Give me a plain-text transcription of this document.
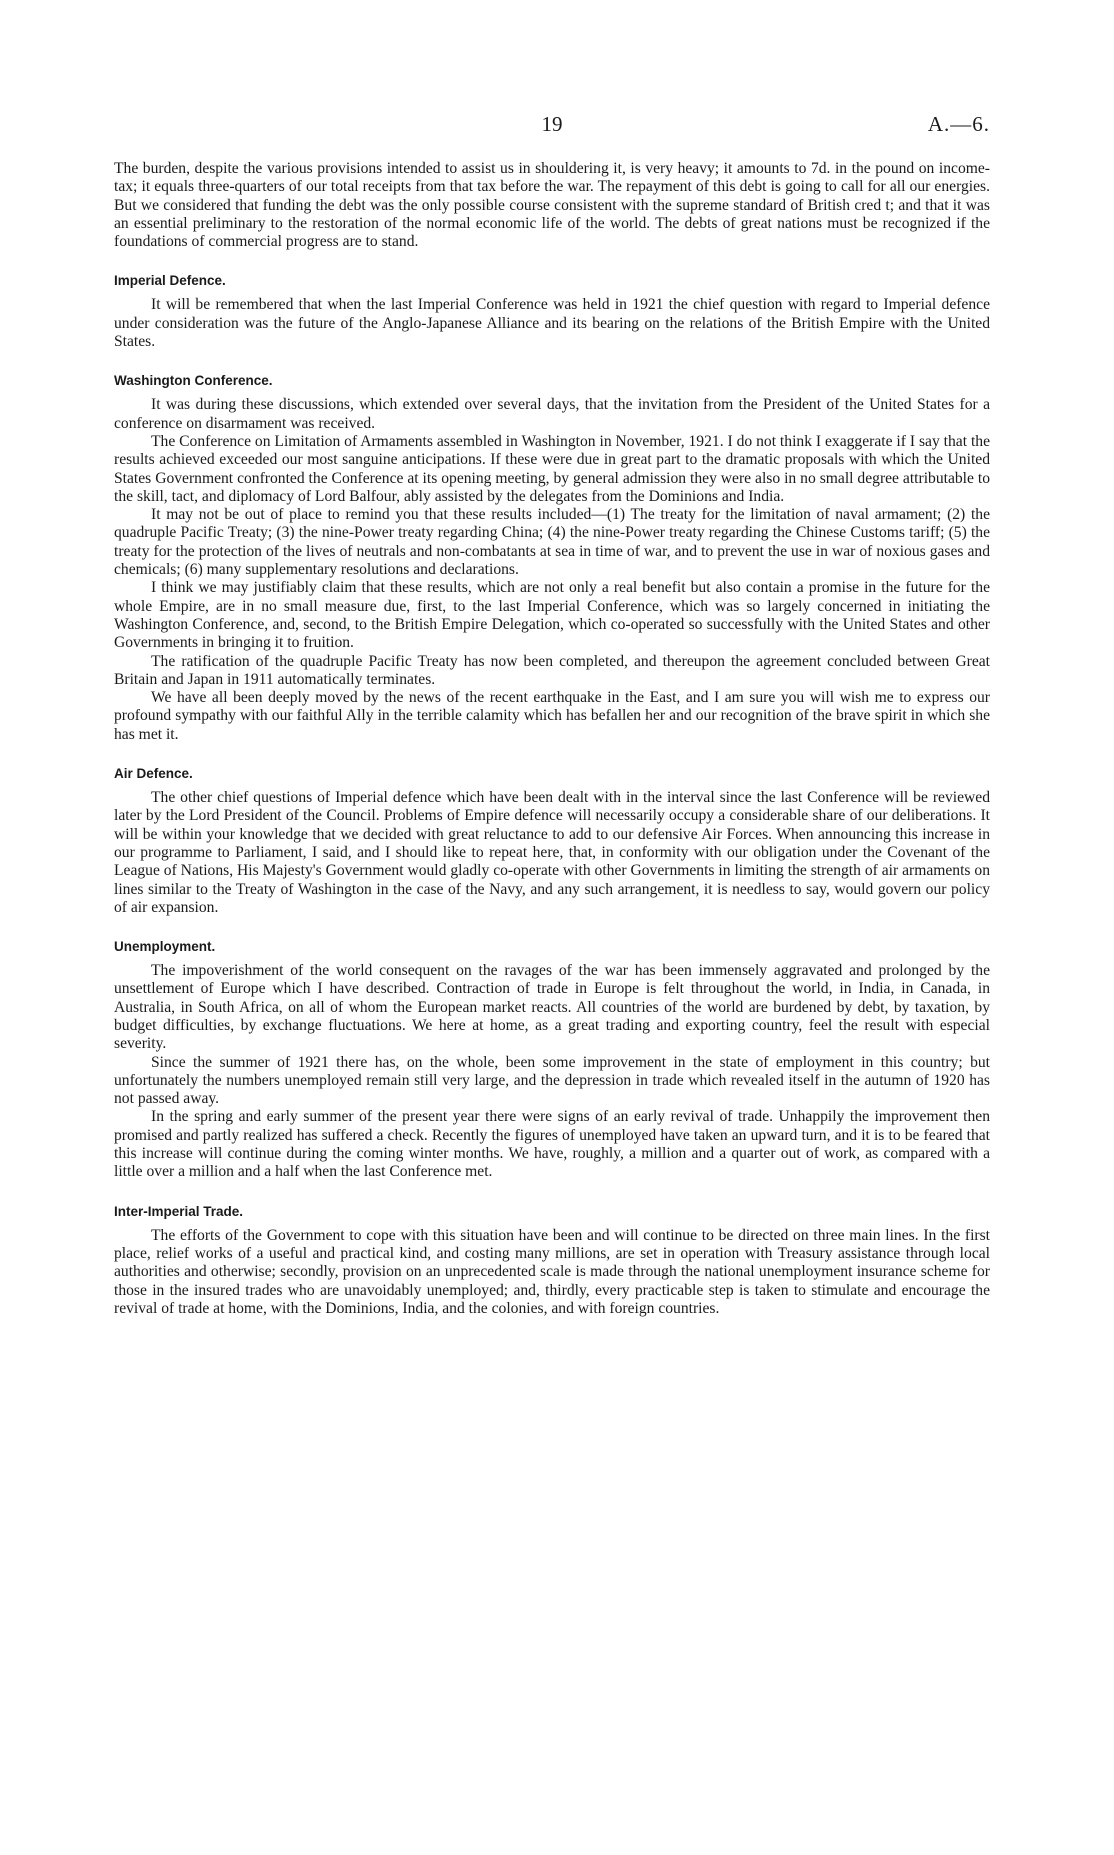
19	A.—6.

The burden, despite the various provisions intended to assist us in shouldering it, is very heavy; it amounts to 7d. in the pound on income-tax; it equals three-quarters of our total receipts from that tax before the war. The repayment of this debt is going to call for all our energies. But we considered that funding the debt was the only possible course consistent with the supreme standard of British cred t; and that it was an essential preliminary to the restoration of the normal economic life of the world. The debts of great nations must be recognized if the foundations of commercial progress are to stand.

Imperial Defence.

It will be remembered that when the last Imperial Conference was held in 1921 the chief question with regard to Imperial defence under consideration was the future of the Anglo-Japanese Alliance and its bearing on the relations of the British Empire with the United States.

Washington Conference.

It was during these discussions, which extended over several days, that the invitation from the President of the United States for a conference on disarmament was received.

The Conference on Limitation of Armaments assembled in Washington in November, 1921. I do not think I exaggerate if I say that the results achieved exceeded our most sanguine anticipations. If these were due in great part to the dramatic proposals with which the United States Government confronted the Conference at its opening meeting, by general admission they were also in no small degree attributable to the skill, tact, and diplomacy of Lord Balfour, ably assisted by the delegates from the Dominions and India.

It may not be out of place to remind you that these results included—(1) The treaty for the limitation of naval armament; (2) the quadruple Pacific Treaty; (3) the nine-Power treaty regarding China; (4) the nine-Power treaty regarding the Chinese Customs tariff; (5) the treaty for the protection of the lives of neutrals and non-combatants at sea in time of war, and to prevent the use in war of noxious gases and chemicals; (6) many supplementary resolutions and declarations.

I think we may justifiably claim that these results, which are not only a real benefit but also contain a promise in the future for the whole Empire, are in no small measure due, first, to the last Imperial Conference, which was so largely concerned in initiating the Washington Conference, and, second, to the British Empire Delegation, which co-operated so successfully with the United States and other Governments in bringing it to fruition.

The ratification of the quadruple Pacific Treaty has now been completed, and thereupon the agreement concluded between Great Britain and Japan in 1911 automatically terminates.

We have all been deeply moved by the news of the recent earthquake in the East, and I am sure you will wish me to express our profound sympathy with our faithful Ally in the terrible calamity which has befallen her and our recognition of the brave spirit in which she has met it.

Air Defence.

The other chief questions of Imperial defence which have been dealt with in the interval since the last Conference will be reviewed later by the Lord President of the Council. Problems of Empire defence will necessarily occupy a considerable share of our deliberations. It will be within your knowledge that we decided with great reluctance to add to our defensive Air Forces. When announcing this increase in our programme to Parliament, I said, and I should like to repeat here, that, in conformity with our obligation under the Covenant of the League of Nations, His Majesty's Government would gladly co-operate with other Governments in limiting the strength of air armaments on lines similar to the Treaty of Washington in the case of the Navy, and any such arrangement, it is needless to say, would govern our policy of air expansion.

Unemployment.

The impoverishment of the world consequent on the ravages of the war has been immensely aggravated and prolonged by the unsettlement of Europe which I have described. Contraction of trade in Europe is felt throughout the world, in India, in Canada, in Australia, in South Africa, on all of whom the European market reacts. All countries of the world are burdened by debt, by taxation, by budget difficulties, by exchange fluctuations. We here at home, as a great trading and exporting country, feel the result with especial severity.

Since the summer of 1921 there has, on the whole, been some improvement in the state of employment in this country; but unfortunately the numbers unemployed remain still very large, and the depression in trade which revealed itself in the autumn of 1920 has not passed away.

In the spring and early summer of the present year there were signs of an early revival of trade. Unhappily the improvement then promised and partly realized has suffered a check. Recently the figures of unemployed have taken an upward turn, and it is to be feared that this increase will continue during the coming winter months. We have, roughly, a million and a quarter out of work, as compared with a little over a million and a half when the last Conference met.

Inter-Imperial Trade.

The efforts of the Government to cope with this situation have been and will continue to be directed on three main lines. In the first place, relief works of a useful and practical kind, and costing many millions, are set in operation with Treasury assistance through local authorities and otherwise; secondly, provision on an unprecedented scale is made through the national unemployment insurance scheme for those in the insured trades who are unavoidably unemployed; and, thirdly, every practicable step is taken to stimulate and encourage the revival of trade at home, with the Dominions, India, and the colonies, and with foreign countries.
